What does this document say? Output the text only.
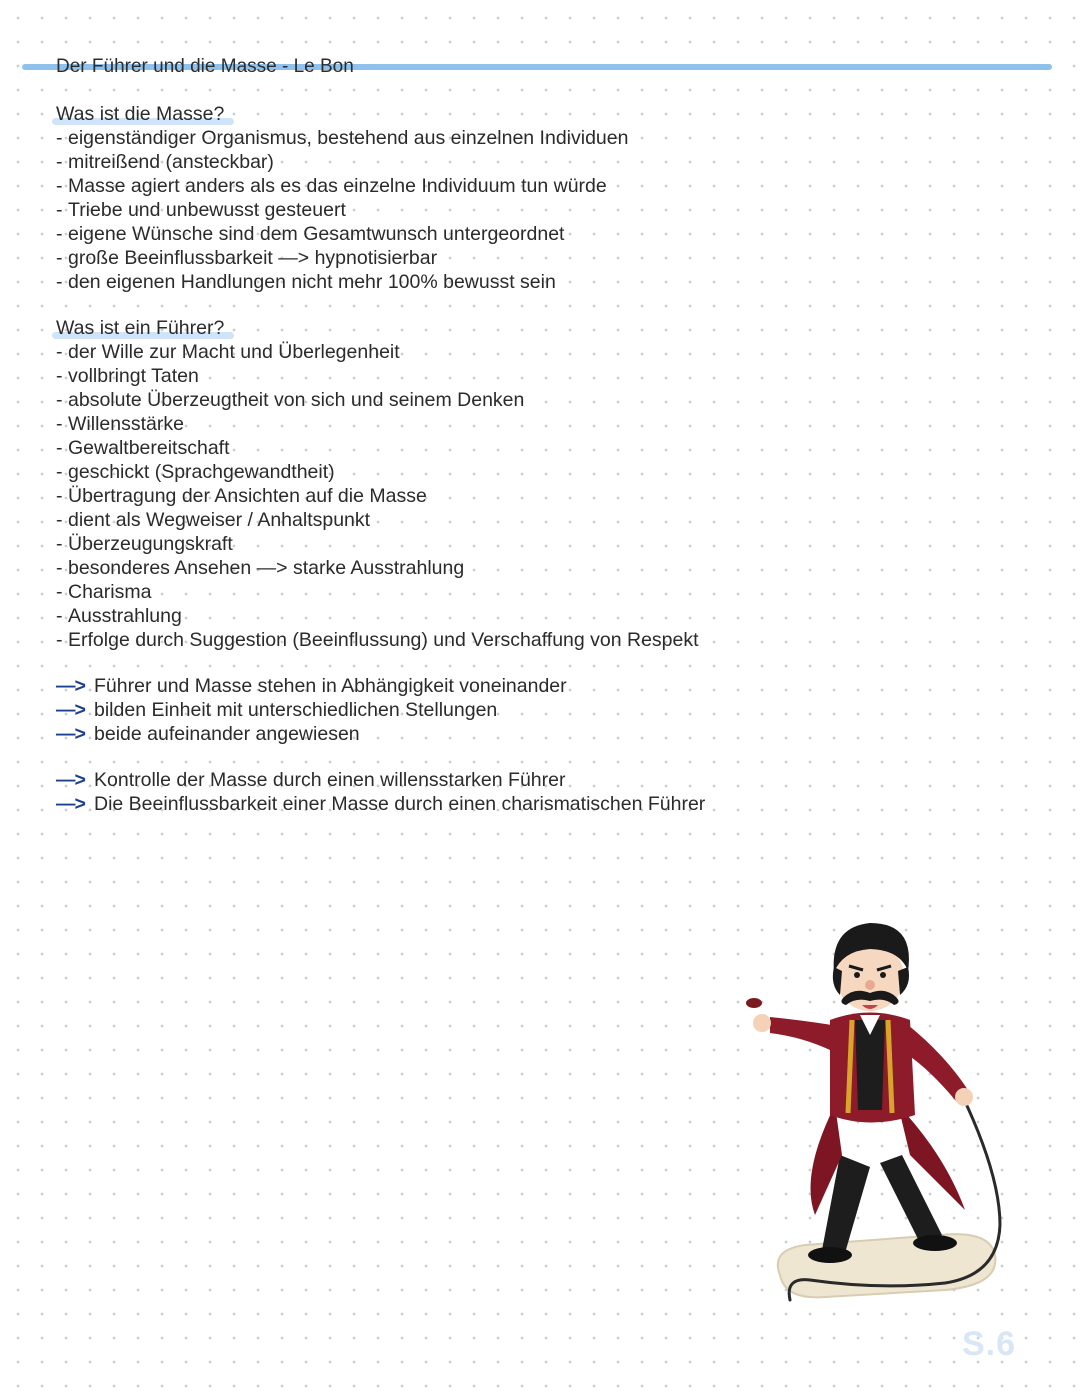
Der Führer und die Masse - Le Bon
Was ist die Masse?
- eigenständiger Organismus, bestehend aus einzelnen Individuen
- mitreißend (ansteckbar)
- Masse agiert anders als es das einzelne Individuum tun würde
- Triebe und unbewusst gesteuert
- eigene Wünsche sind dem Gesamtwunsch untergeordnet
- große Beeinflussbarkeit —> hypnotisierbar
- den eigenen Handlungen nicht mehr 100% bewusst sein
Was ist ein Führer?
- der Wille zur Macht und Überlegenheit
- vollbringt Taten
- absolute Überzeugtheit von sich und seinem Denken
- Willensstärke
- Gewaltbereitschaft
- geschickt (Sprachgewandtheit)
- Übertragung der Ansichten auf die Masse
- dient als Wegweiser / Anhaltspunkt
- Überzeugungskraft
- besonderes Ansehen —> starke Ausstrahlung
- Charisma
- Ausstrahlung
- Erfolge durch Suggestion (Beeinflussung) und Verschaffung von Respekt
—> Führer und Masse stehen in Abhängigkeit voneinander
—> bilden Einheit mit unterschiedlichen Stellungen
—> beide aufeinander angewiesen
—> Kontrolle der Masse durch einen willensstarken Führer
—> Die Beeinflussbarkeit einer Masse durch einen charismatischen Führer
S.6
